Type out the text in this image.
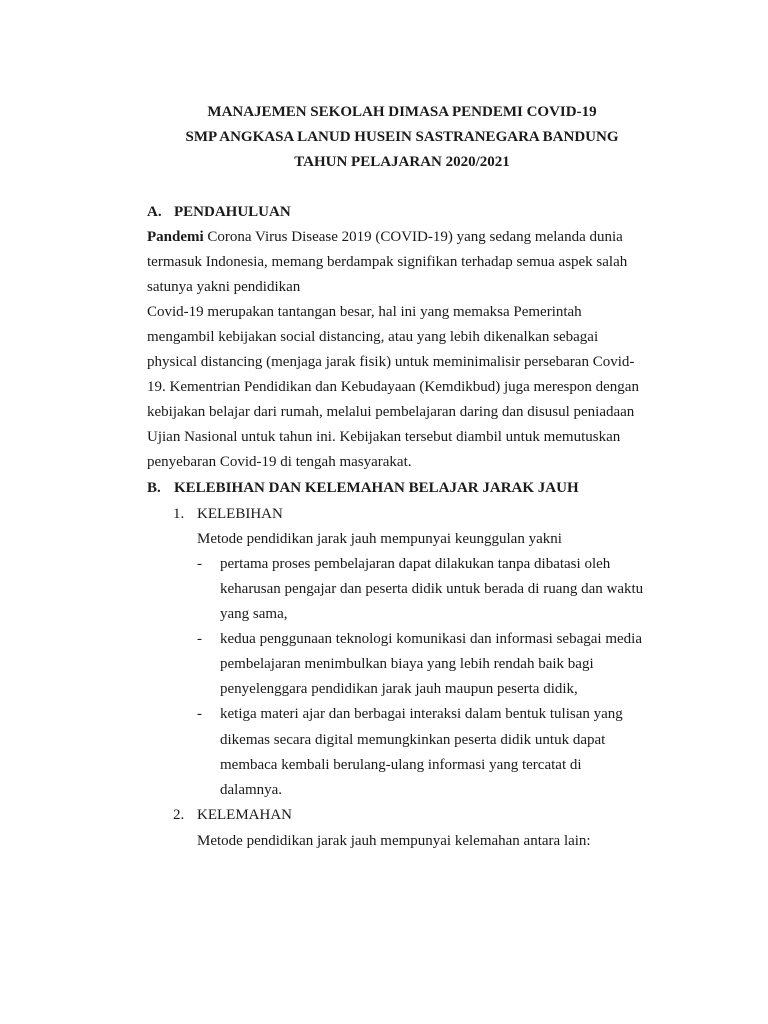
MANAJEMEN SEKOLAH DIMASA PENDEMI COVID-19
SMP ANGKASA LANUD HUSEIN SASTRANEGARA BANDUNG
TAHUN PELAJARAN 2020/2021
A. PENDAHULUAN
Pandemi Corona Virus Disease 2019 (COVID-19) yang sedang melanda dunia
termasuk Indonesia, memang berdampak signifikan terhadap semua aspek salah
satunya yakni pendidikan
Covid-19 merupakan tantangan besar, hal ini yang memaksa Pemerintah
mengambil kebijakan social distancing, atau yang lebih dikenalkan sebagai
physical distancing (menjaga jarak fisik) untuk meminimalisir persebaran Covid-
19. Kementrian Pendidikan dan Kebudayaan (Kemdikbud) juga merespon dengan
kebijakan belajar dari rumah, melalui pembelajaran daring dan disusul peniadaan
Ujian Nasional untuk tahun ini. Kebijakan tersebut diambil untuk memutuskan
penyebaran Covid-19 di tengah masyarakat.
B. KELEBIHAN DAN KELEMAHAN BELAJAR JARAK JAUH
1. KELEBIHAN
Metode pendidikan jarak jauh mempunyai keunggulan yakni
- pertama proses pembelajaran dapat dilakukan tanpa dibatasi oleh
keharusan pengajar dan peserta didik untuk berada di ruang dan waktu
yang sama,
- kedua penggunaan teknologi komunikasi dan informasi sebagai media
pembelajaran menimbulkan biaya yang lebih rendah baik bagi
penyelenggara pendidikan jarak jauh maupun peserta didik,
- ketiga materi ajar dan berbagai interaksi dalam bentuk tulisan yang
dikemas secara digital memungkinkan peserta didik untuk dapat
membaca kembali berulang-ulang informasi yang tercatat di
dalamnya.
2. KELEMAHAN
Metode pendidikan jarak jauh mempunyai kelemahan antara lain:
